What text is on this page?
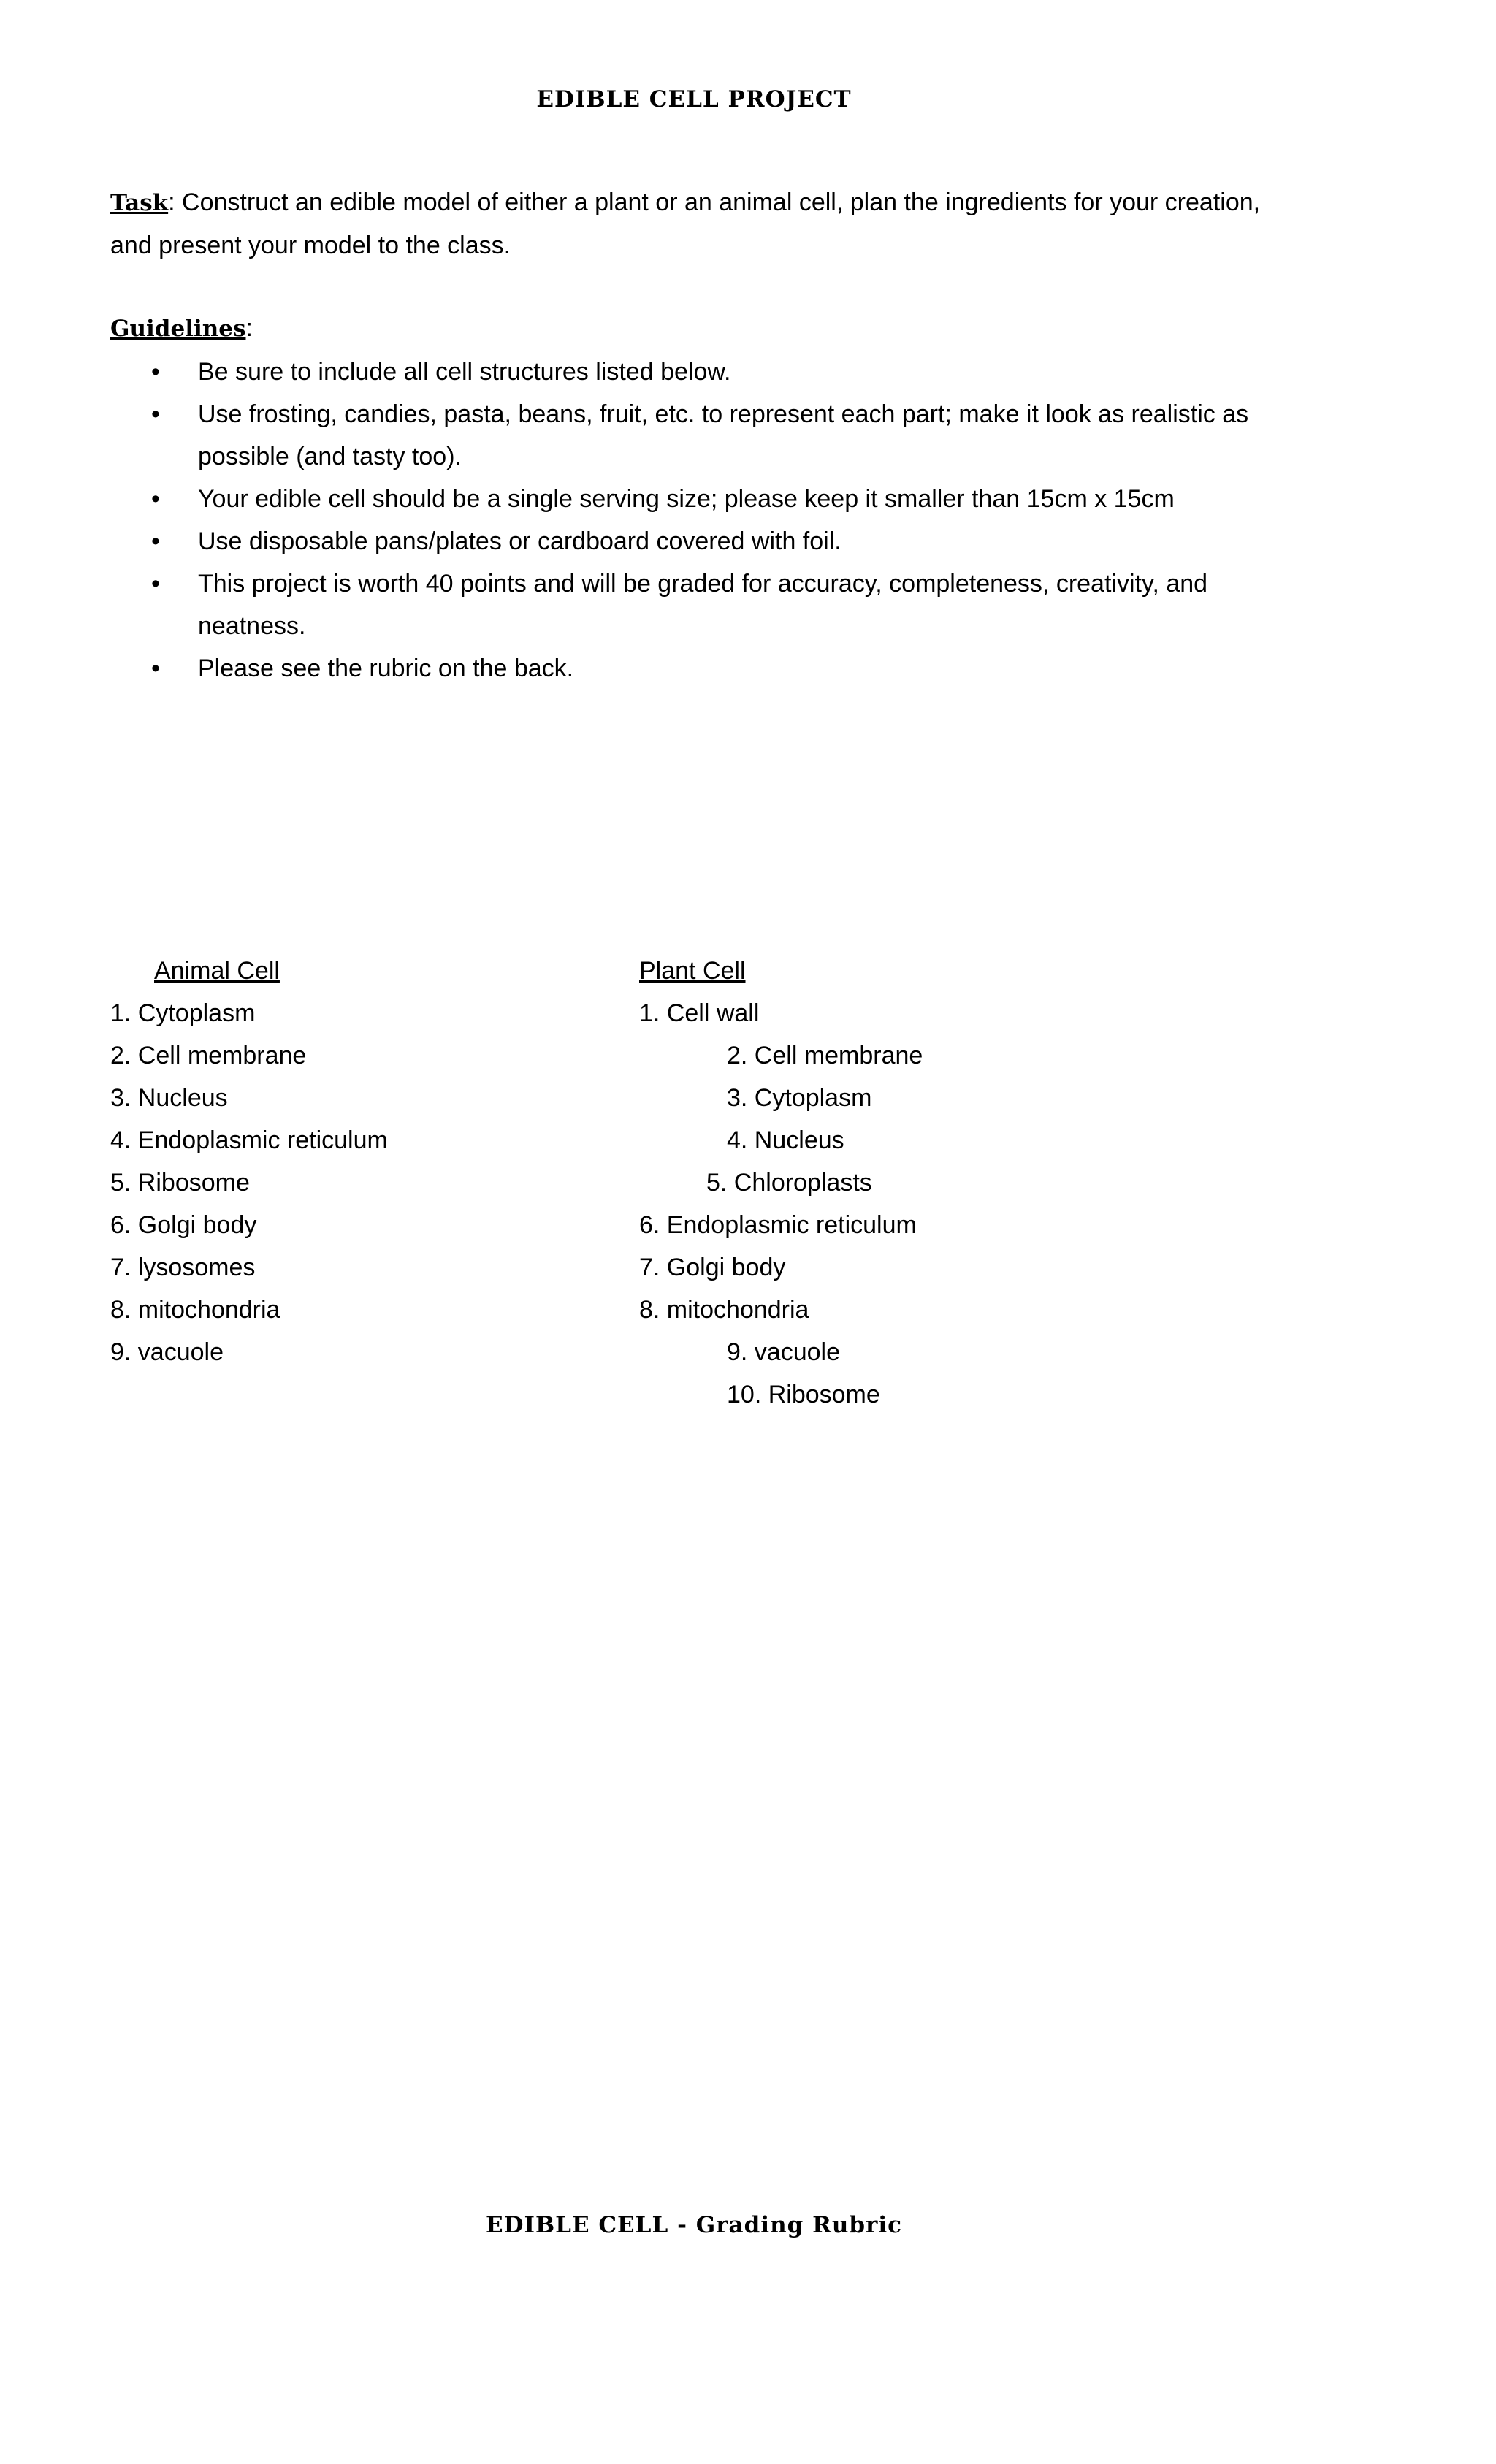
EDIBLE CELL PROJECT
Task: Construct an edible model of either a plant or an animal cell, plan the ingredients for your creation, and present your model to the class.
Guidelines:
• Be sure to include all cell structures listed below.
• Use frosting, candies, pasta, beans, fruit, etc. to represent each part; make it look as realistic as possible (and tasty too).
• Your edible cell should be a single serving size; please keep it smaller than 15cm x 15cm
• Use disposable pans/plates or cardboard covered with foil.
• This project is worth 40 points and will be graded for accuracy, completeness, creativity, and neatness.
• Please see the rubric on the back.
Animal Cell
1. Cytoplasm
2. Cell membrane
3. Nucleus
4. Endoplasmic reticulum
5. Ribosome
6. Golgi body
7. lysosomes
8. mitochondria
9. vacuole
Plant Cell
1. Cell wall
2. Cell membrane
3. Cytoplasm
4. Nucleus
5. Chloroplasts
6. Endoplasmic reticulum
7. Golgi body
8. mitochondria
9. vacuole
10. Ribosome
EDIBLE CELL - Grading Rubric
